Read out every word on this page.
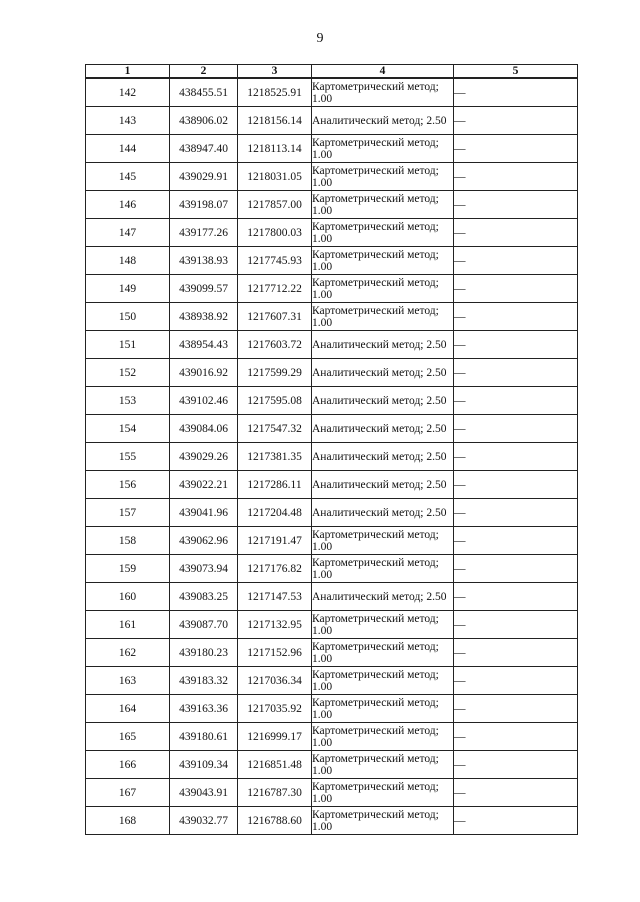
9
1	2	3	4	5
142	438455.51	1218525.91	Картометрический метод; 1.00	—
143	438906.02	1218156.14	Аналитический метод; 2.50	—
144	438947.40	1218113.14	Картометрический метод; 1.00	—
145	439029.91	1218031.05	Картометрический метод; 1.00	—
146	439198.07	1217857.00	Картометрический метод; 1.00	—
147	439177.26	1217800.03	Картометрический метод; 1.00	—
148	439138.93	1217745.93	Картометрический метод; 1.00	—
149	439099.57	1217712.22	Картометрический метод; 1.00	—
150	438938.92	1217607.31	Картометрический метод; 1.00	—
151	438954.43	1217603.72	Аналитический метод; 2.50	—
152	439016.92	1217599.29	Аналитический метод; 2.50	—
153	439102.46	1217595.08	Аналитический метод; 2.50	—
154	439084.06	1217547.32	Аналитический метод; 2.50	—
155	439029.26	1217381.35	Аналитический метод; 2.50	—
156	439022.21	1217286.11	Аналитический метод; 2.50	—
157	439041.96	1217204.48	Аналитический метод; 2.50	—
158	439062.96	1217191.47	Картометрический метод; 1.00	—
159	439073.94	1217176.82	Картометрический метод; 1.00	—
160	439083.25	1217147.53	Аналитический метод; 2.50	—
161	439087.70	1217132.95	Картометрический метод; 1.00	—
162	439180.23	1217152.96	Картометрический метод; 1.00	—
163	439183.32	1217036.34	Картометрический метод; 1.00	—
164	439163.36	1217035.92	Картометрический метод; 1.00	—
165	439180.61	1216999.17	Картометрический метод; 1.00	—
166	439109.34	1216851.48	Картометрический метод; 1.00	—
167	439043.91	1216787.30	Картометрический метод; 1.00	—
168	439032.77	1216788.60	Картометрический метод; 1.00	—
